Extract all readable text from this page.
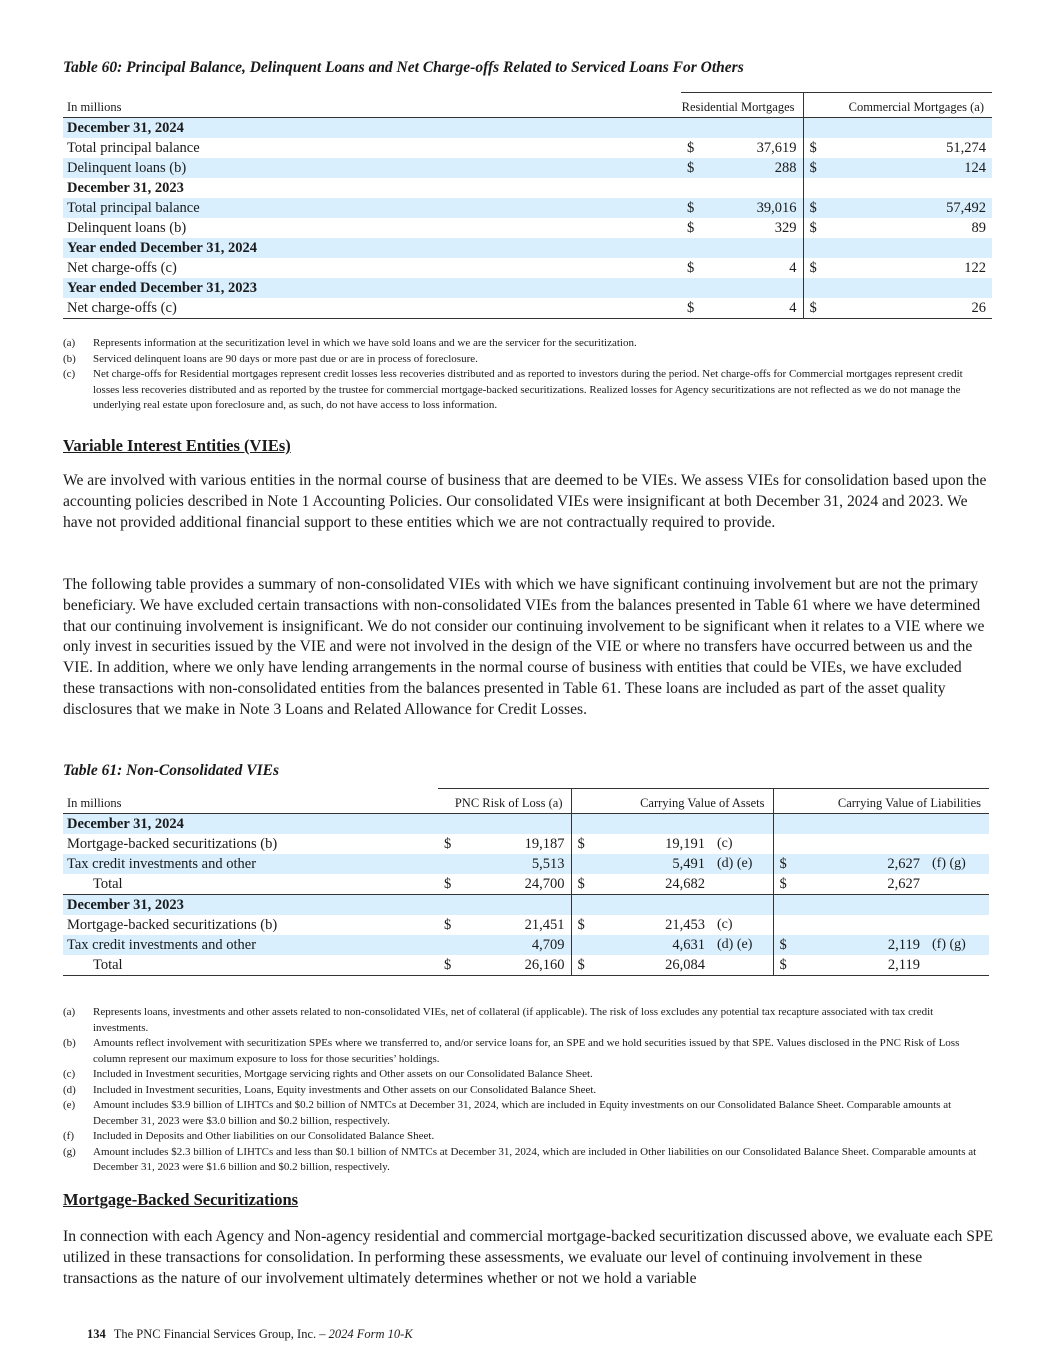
Table 60: Principal Balance, Delinquent Loans and Net Charge-offs Related to Serviced Loans For Others
In millions	Residential Mortgages		Commercial Mortgages (a)	
December 31, 2024				
Total principal balance	$	37,619	$	51,274
Delinquent loans (b)	$	288	$	124
December 31, 2023				
Total principal balance	$	39,016	$	57,492
Delinquent loans (b)	$	329	$	89
Year ended December 31, 2024				
Net charge-offs (c)	$	4	$	122
Year ended December 31, 2023				
Net charge-offs (c)	$	4	$	26
(a)	Represents information at the securitization level in which we have sold loans and we are the servicer for the securitization.
(b)	Serviced delinquent loans are 90 days or more past due or are in process of foreclosure.
(c)	Net charge-offs for Residential mortgages represent credit losses less recoveries distributed and as reported to investors during the period. Net charge-offs for Commercial mortgages represent credit losses less recoveries distributed and as reported by the trustee for commercial mortgage-backed securitizations. Realized losses for Agency securitizations are not reflected as we do not manage the underlying real estate upon foreclosure and, as such, do not have access to loss information.
Variable Interest Entities (VIEs)
We are involved with various entities in the normal course of business that are deemed to be VIEs. We assess VIEs for consolidation based upon the accounting policies described in Note 1 Accounting Policies. Our consolidated VIEs were insignificant at both December 31, 2024 and 2023. We have not provided additional financial support to these entities which we are not contractually required to provide.
The following table provides a summary of non-consolidated VIEs with which we have significant continuing involvement but are not the primary beneficiary. We have excluded certain transactions with non-consolidated VIEs from the balances presented in Table 61 where we have determined that our continuing involvement is insignificant. We do not consider our continuing involvement to be significant when it relates to a VIE where we only invest in securities issued by the VIE and were not involved in the design of the VIE or where no transfers have occurred between us and the VIE. In addition, where we only have lending arrangements in the normal course of business with entities that could be VIEs, we have excluded these transactions with non-consolidated entities from the balances presented in Table 61. These loans are included as part of the asset quality disclosures that we make in Note 3 Loans and Related Allowance for Credit Losses.
Table 61: Non-Consolidated VIEs
In millions	PNC Risk of Loss (a)		Carrying Value of Assets			Carrying Value of Liabilities		
December 31, 2024								
Mortgage-backed securitizations (b)	$	19,187	$	19,191	(c)			
Tax credit investments and other		5,513		5,491	(d) (e)	$	2,627	(f) (g)
Total	$	24,700	$	24,682		$	2,627	
December 31, 2023								
Mortgage-backed securitizations (b)	$	21,451	$	21,453	(c)			
Tax credit investments and other		4,709		4,631	(d) (e)	$	2,119	(f) (g)
Total	$	26,160	$	26,084		$	2,119	
(a)	Represents loans, investments and other assets related to non-consolidated VIEs, net of collateral (if applicable). The risk of loss excludes any potential tax recapture associated with tax credit investments.
(b)	Amounts reflect involvement with securitization SPEs where we transferred to, and/or service loans for, an SPE and we hold securities issued by that SPE. Values disclosed in the PNC Risk of Loss column represent our maximum exposure to loss for those securities’ holdings.
(c)	Included in Investment securities, Mortgage servicing rights and Other assets on our Consolidated Balance Sheet.
(d)	Included in Investment securities, Loans, Equity investments and Other assets on our Consolidated Balance Sheet.
(e)	Amount includes $3.9 billion of LIHTCs and $0.2 billion of NMTCs at December 31, 2024, which are included in Equity investments on our Consolidated Balance Sheet. Comparable amounts at December 31, 2023 were $3.0 billion and $0.2 billion, respectively.
(f)	Included in Deposits and Other liabilities on our Consolidated Balance Sheet.
(g)	Amount includes $2.3 billion of LIHTCs and less than $0.1 billion of NMTCs at December 31, 2024, which are included in Other liabilities on our Consolidated Balance Sheet. Comparable amounts at December 31, 2023 were $1.6 billion and $0.2 billion, respectively.
Mortgage-Backed Securitizations
In connection with each Agency and Non-agency residential and commercial mortgage-backed securitization discussed above, we evaluate each SPE utilized in these transactions for consolidation. In performing these assessments, we evaluate our level of continuing involvement in these transactions as the nature of our involvement ultimately determines whether or not we hold a variable
134 The PNC Financial Services Group, Inc. – 2024 Form 10-K
